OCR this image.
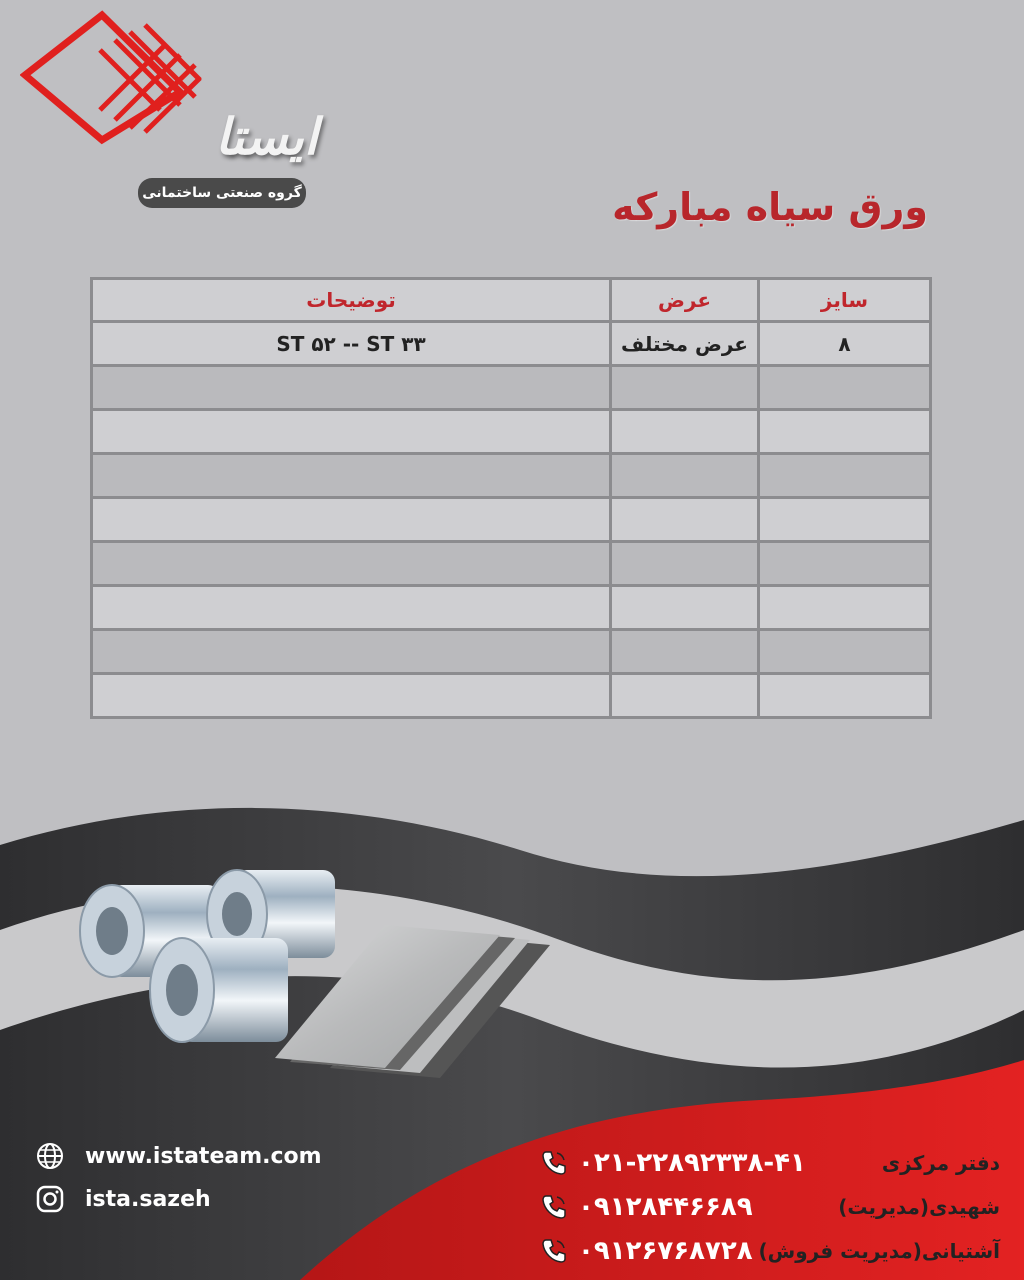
ایستا
گروه صنعتی ساختمانی	ورق سیاه مبارکه
سایز	عرض	توضیحات
۸	عرض مختلف	ST ۵۲ -- ST ۳۳

www.istateam.com
ista.sazeh
۰۲۱-۲۲۸۹۲۳۳۸-۴۱	دفتر مرکزی
۰۹۱۲۸۴۴۶۶۸۹	شهیدی(مدیریت)
۰۹۱۲۶۷۶۸۷۲۸ آشتیانی(مدیریت فروش)
